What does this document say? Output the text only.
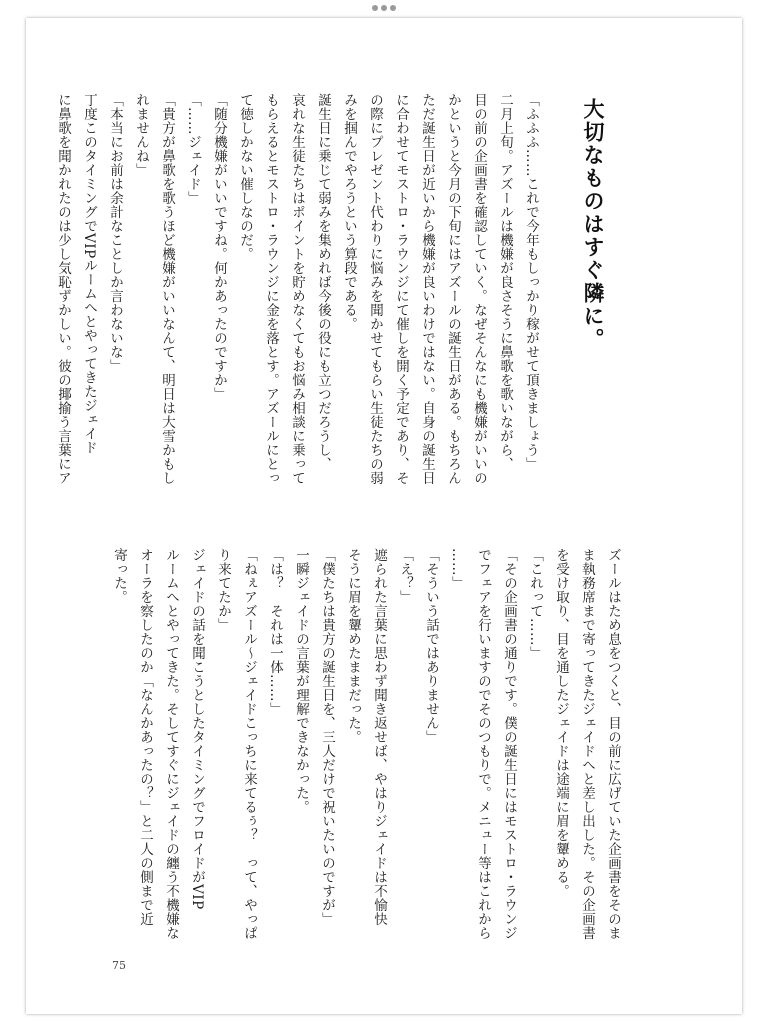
大切なものはすぐ隣に。

「ふふふ……これで今年もしっかり稼がせて頂きましょう」

二月上旬。アズールは機嫌が良さそうに鼻歌を歌いながら、

目の前の企画書を確認していく。なぜそんなにも機嫌がいいの

かというと今月の下旬にはアズールの誕生日がある。もちろん

ただ誕生日が近いから機嫌が良いわけではない。自身の誕生日

に合わせてモストロ・ラウンジにて催しを開く予定であり、そ

の際にプレゼント代わりに悩みを聞かせてもらい生徒たちの弱

みを掴んでやろうという算段である。

誕生日に乗じて弱みを集めれば今後の役にも立つだろうし、

哀れな生徒たちはポイントを貯めなくてもお悩み相談に乗って

もらえるとモストロ・ラウンジに金を落とす。アズールにとっ

て徳しかない催しなのだ。

「随分機嫌がいいですね。何かあったのですか」

「……ジェイド」

「貴方が鼻歌を歌うほど機嫌がいいなんて、明日は大雪かもし

れませんね」

「本当にお前は余計なことしか言わないな」

丁度このタイミングでVIPルームへとやってきたジェイド

に鼻歌を聞かれたのは少し気恥ずかしい。彼の揶揄う言葉にア

ズールはため息をつくと、目の前に広げていた企画書をそのま

ま執務席まで寄ってきたジェイドへと差し出した。その企画書

を受け取り、目を通したジェイドは途端に眉を顰める。

「これって……」

「その企画書の通りです。僕の誕生日にはモストロ・ラウンジ

でフェアを行いますのでそのつもりで。メニュー等はこれから

……」

「そういう話ではありません」

「え？」

遮られた言葉に思わず聞き返せば、やはりジェイドは不愉快

そうに眉を顰めたままだった。

「僕たちは貴方の誕生日を、三人だけで祝いたいのですが」

一瞬ジェイドの言葉が理解できなかった。

「は？　それは一体……」

「ねぇアズール〜ジェイドこっちに来てるぅ？　って、やっぱ

り来てたか」

ジェイドの話を聞こうとしたタイミングでフロイドがVIP

ルームへとやってきた。そしてすぐにジェイドの纏う不機嫌な

オーラを察したのか「なんかあったの？」と二人の側まで近

寄った。

75
